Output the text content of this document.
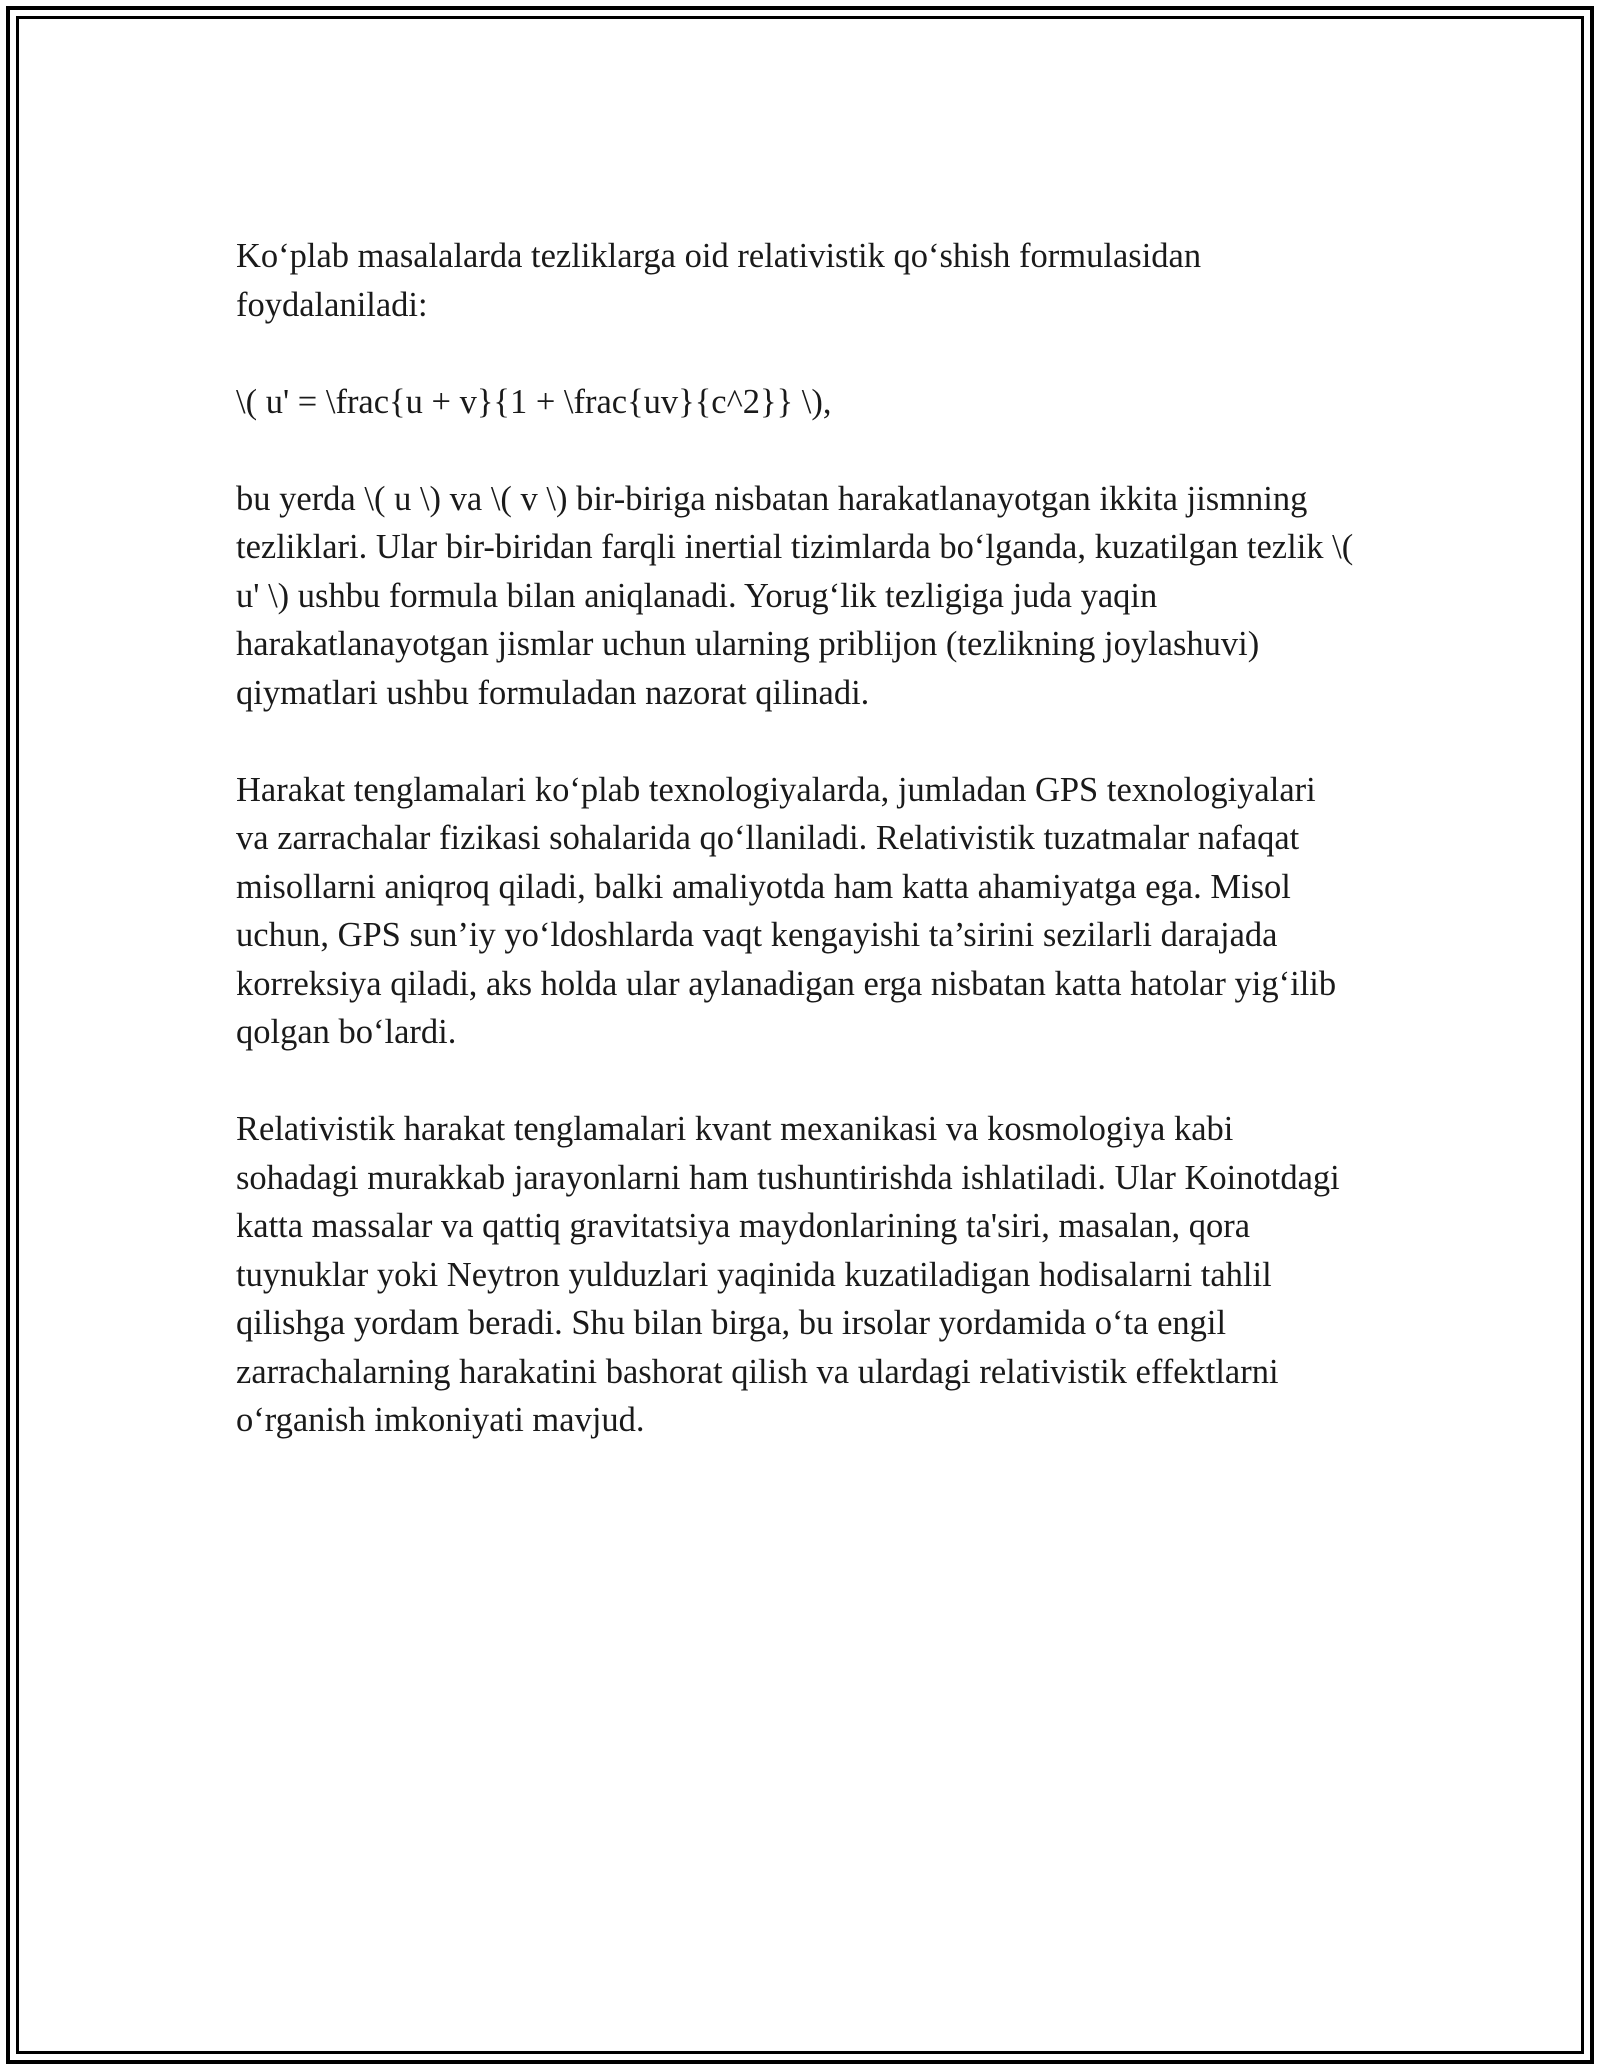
Ko‘plab masalalarda tezliklarga oid relativistik qo‘shish formulasidan foydalaniladi:

\( u' = \frac{u + v}{1 + \frac{uv}{c^2}} \),

bu yerda \( u \) va \( v \) bir-biriga nisbatan harakatlanayotgan ikkita jismning tezliklari. Ular bir-biridan farqli inertial tizimlarda bo‘lganda, kuzatilgan tezlik \( u' \) ushbu formula bilan aniqlanadi. Yorug‘lik tezligiga juda yaqin harakatlanayotgan jismlar uchun ularning priblijon (tezlikning joylashuvi) qiymatlari ushbu formuladan nazorat qilinadi.

Harakat tenglamalari ko‘plab texnologiyalarda, jumladan GPS texnologiyalari va zarrachalar fizikasi sohalarida qo‘llaniladi. Relativistik tuzatmalar nafaqat misollarni aniqroq qiladi, balki amaliyotda ham katta ahamiyatga ega. Misol uchun, GPS sun’iy yo‘ldoshlarda vaqt kengayishi ta’sirini sezilarli darajada korreksiya qiladi, aks holda ular aylanadigan erga nisbatan katta hatolar yig‘ilib qolgan bo‘lardi.

Relativistik harakat tenglamalari kvant mexanikasi va kosmologiya kabi sohadagi murakkab jarayonlarni ham tushuntirishda ishlatiladi. Ular Koinotdagi katta massalar va qattiq gravitatsiya maydonlarining ta'siri, masalan, qora tuynuklar yoki Neytron yulduzlari yaqinida kuzatiladigan hodisalarni tahlil qilishga yordam beradi. Shu bilan birga, bu irsolar yordamida o‘ta engil zarrachalarning harakatini bashorat qilish va ulardagi relativistik effektlarni o‘rganish imkoniyati mavjud.
